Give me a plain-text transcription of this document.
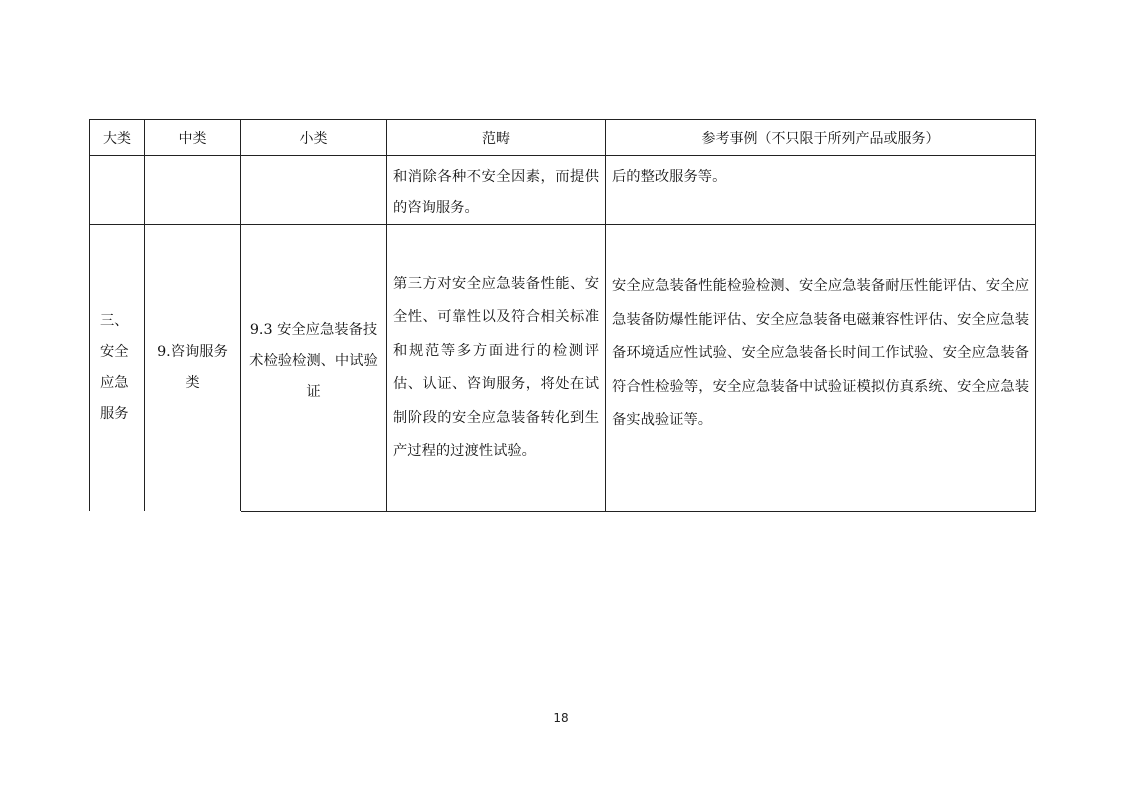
大类	中类	小类	范畴	参考事例（不只限于所列产品或服务）

			和消除各种不安全因素，而提供的咨询服务。	后的整改服务等。

三、安全应急服务	9.咨询服务类	9.3 安全应急装备技术检验检测、中试验证	第三方对安全应急装备性能、安全性、可靠性以及符合相关标准和规范等多方面进行的检测评估、认证、咨询服务，将处在试制阶段的安全应急装备转化到生产过程的过渡性试验。	安全应急装备性能检验检测、安全应急装备耐压性能评估、安全应急装备防爆性能评估、安全应急装备电磁兼容性评估、安全应急装备环境适应性试验、安全应急装备长时间工作试验、安全应急装备符合性检验等，安全应急装备中试验证模拟仿真系统、安全应急装备实战验证等。
18
